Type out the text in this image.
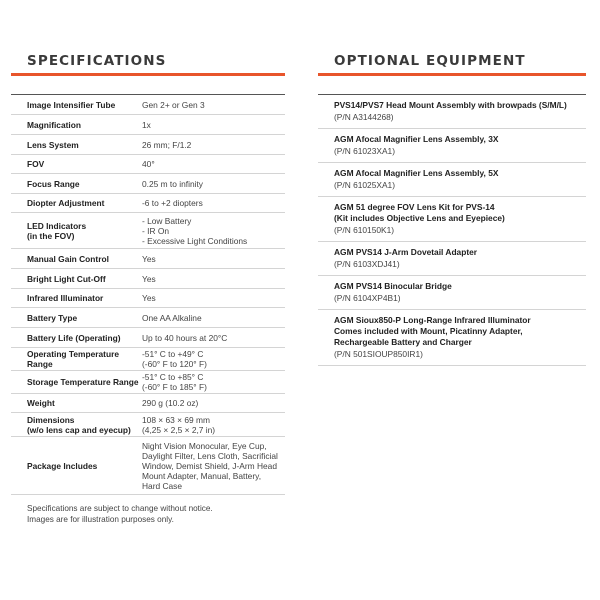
SPECIFICATIONS
Image Intensifier Tube	Gen 2+ or Gen 3

Magnification	1x

Lens System	26 mm; F/1.2

FOV	40°

Focus Range	0.25 m to infinity

Diopter Adjustment	-6 to +2 diopters

LED Indicators
(in the FOV)	- Low Battery
- IR On
- Excessive Light Conditions

Manual Gain Control	Yes

Bright Light Cut-Off	Yes

Infrared Illuminator	Yes

Battery Type	One AA Alkaline

Battery Life (Operating)	Up to 40 hours at 20°C

Operating Temperature
Range	-51° C to +49° C
(-60° F to 120° F)

Storage Temperature Range	-51° C to +85° C
(-60° F to 185° F)

Weight	290 g (10.2 oz)

Dimensions
(w/o lens cap and eyecup)	108 × 63 × 69 mm
(4,25 × 2,5 × 2,7 in)

Package Includes	Night Vision Monocular, Eye Cup,
Daylight Filter, Lens Cloth, Sacrificial
Window, Demist Shield, J-Arm Head
Mount Adapter, Manual, Battery,
Hard Case
Specifications are subject to change without notice.
Images are for illustration purposes only.
OPTIONAL EQUIPMENT
PVS14/PVS7 Head Mount Assembly with browpads (S/M/L)
(P/N A3144268)
AGM Afocal Magnifier Lens Assembly, 3X
(P/N 61023XA1)
AGM Afocal Magnifier Lens Assembly, 5X
(P/N 61025XA1)
AGM 51 degree FOV Lens Kit for PVS-14
(Kit includes Objective Lens and Eyepiece)
(P/N 610150K1)
AGM PVS14 J-Arm Dovetail Adapter
(P/N 6103XDJ41)
AGM PVS14 Binocular Bridge
(P/N 6104XP4B1)
AGM Sioux850-P Long-Range Infrared Illuminator
Comes included with Mount, Picatinny Adapter,
Rechargeable Battery and Charger
(P/N 501SIOUP850IR1)
